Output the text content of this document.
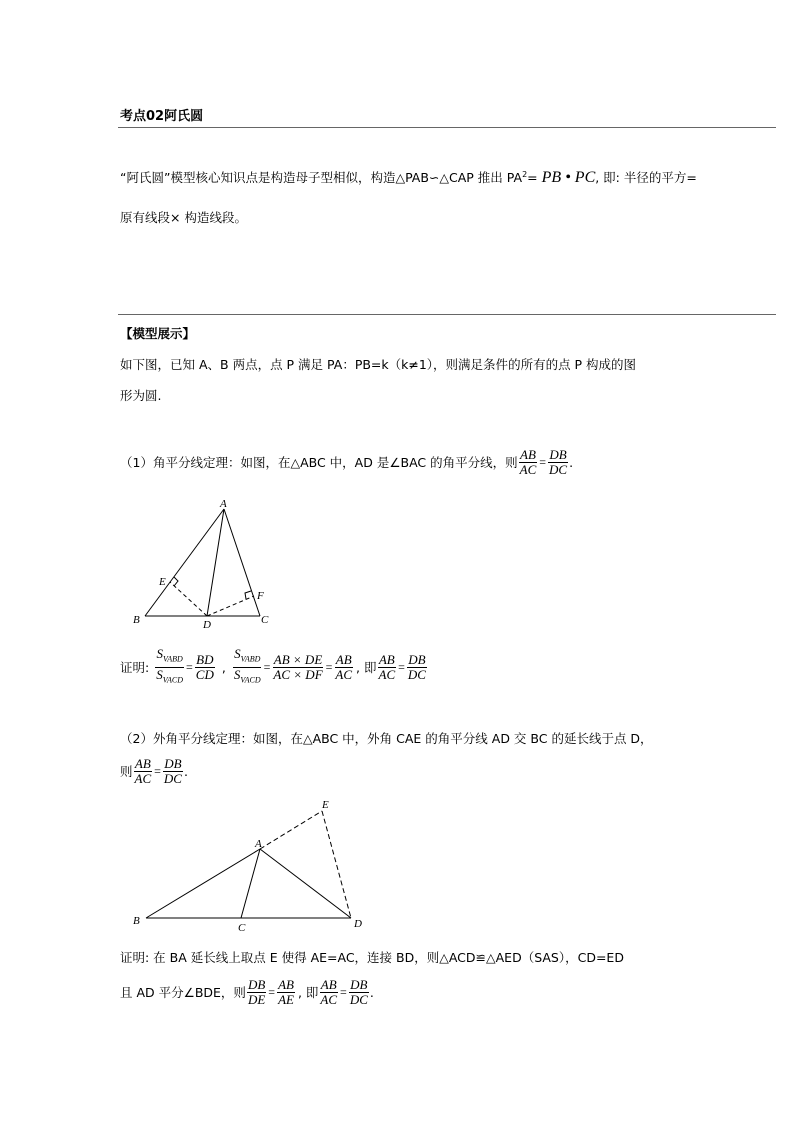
考点02阿氏圆
“阿氏圆”模型核心知识点是构造母子型相似，构造△PAB∽△CAP 推出 $PA^2=$ PB • PC, 即: 半径的平方=
原有线段× 构造线段。
【模型展示】
如下图，已知 A、B 两点，点 P 满足 PA：PB=k（k≠1），则满足条件的所有的点 P 构成的图
形为圆.
（1）角平分线定理：如图，在△ABC 中，AD 是∠BAC 的角平分线，则 $\frac{AB}{AC} = \frac{DB}{DC}$ .
A
B	C
D
E
F
证明: $\frac{S_{VABD}}{S_{VACD}} = \frac{BD}{CD}$ , $\frac{S_{VABD}}{S_{VACD}} = \frac{AB \times DE}{AC \times DF} = \frac{AB}{AC}$ , 即 $\frac{AB}{AC} = \frac{DB}{DC}$
（2）外角平分线定理：如图，在△ABC 中，外角 CAE 的角平分线 AD 交 BC 的延长线于点 D，
则 $\frac{AB}{AC} = \frac{DB}{DC}$ .
A
B
C	D
E
证明: 在 BA 延长线上取点 E 使得 AE=AC，连接 BD，则△ACD≌△AED（SAS），CD=ED
且 AD 平分∠BDE，则 $\frac{DB}{DE} = \frac{AB}{AE}$ , 即 $\frac{AB}{AC} = \frac{DB}{DC}$ .
